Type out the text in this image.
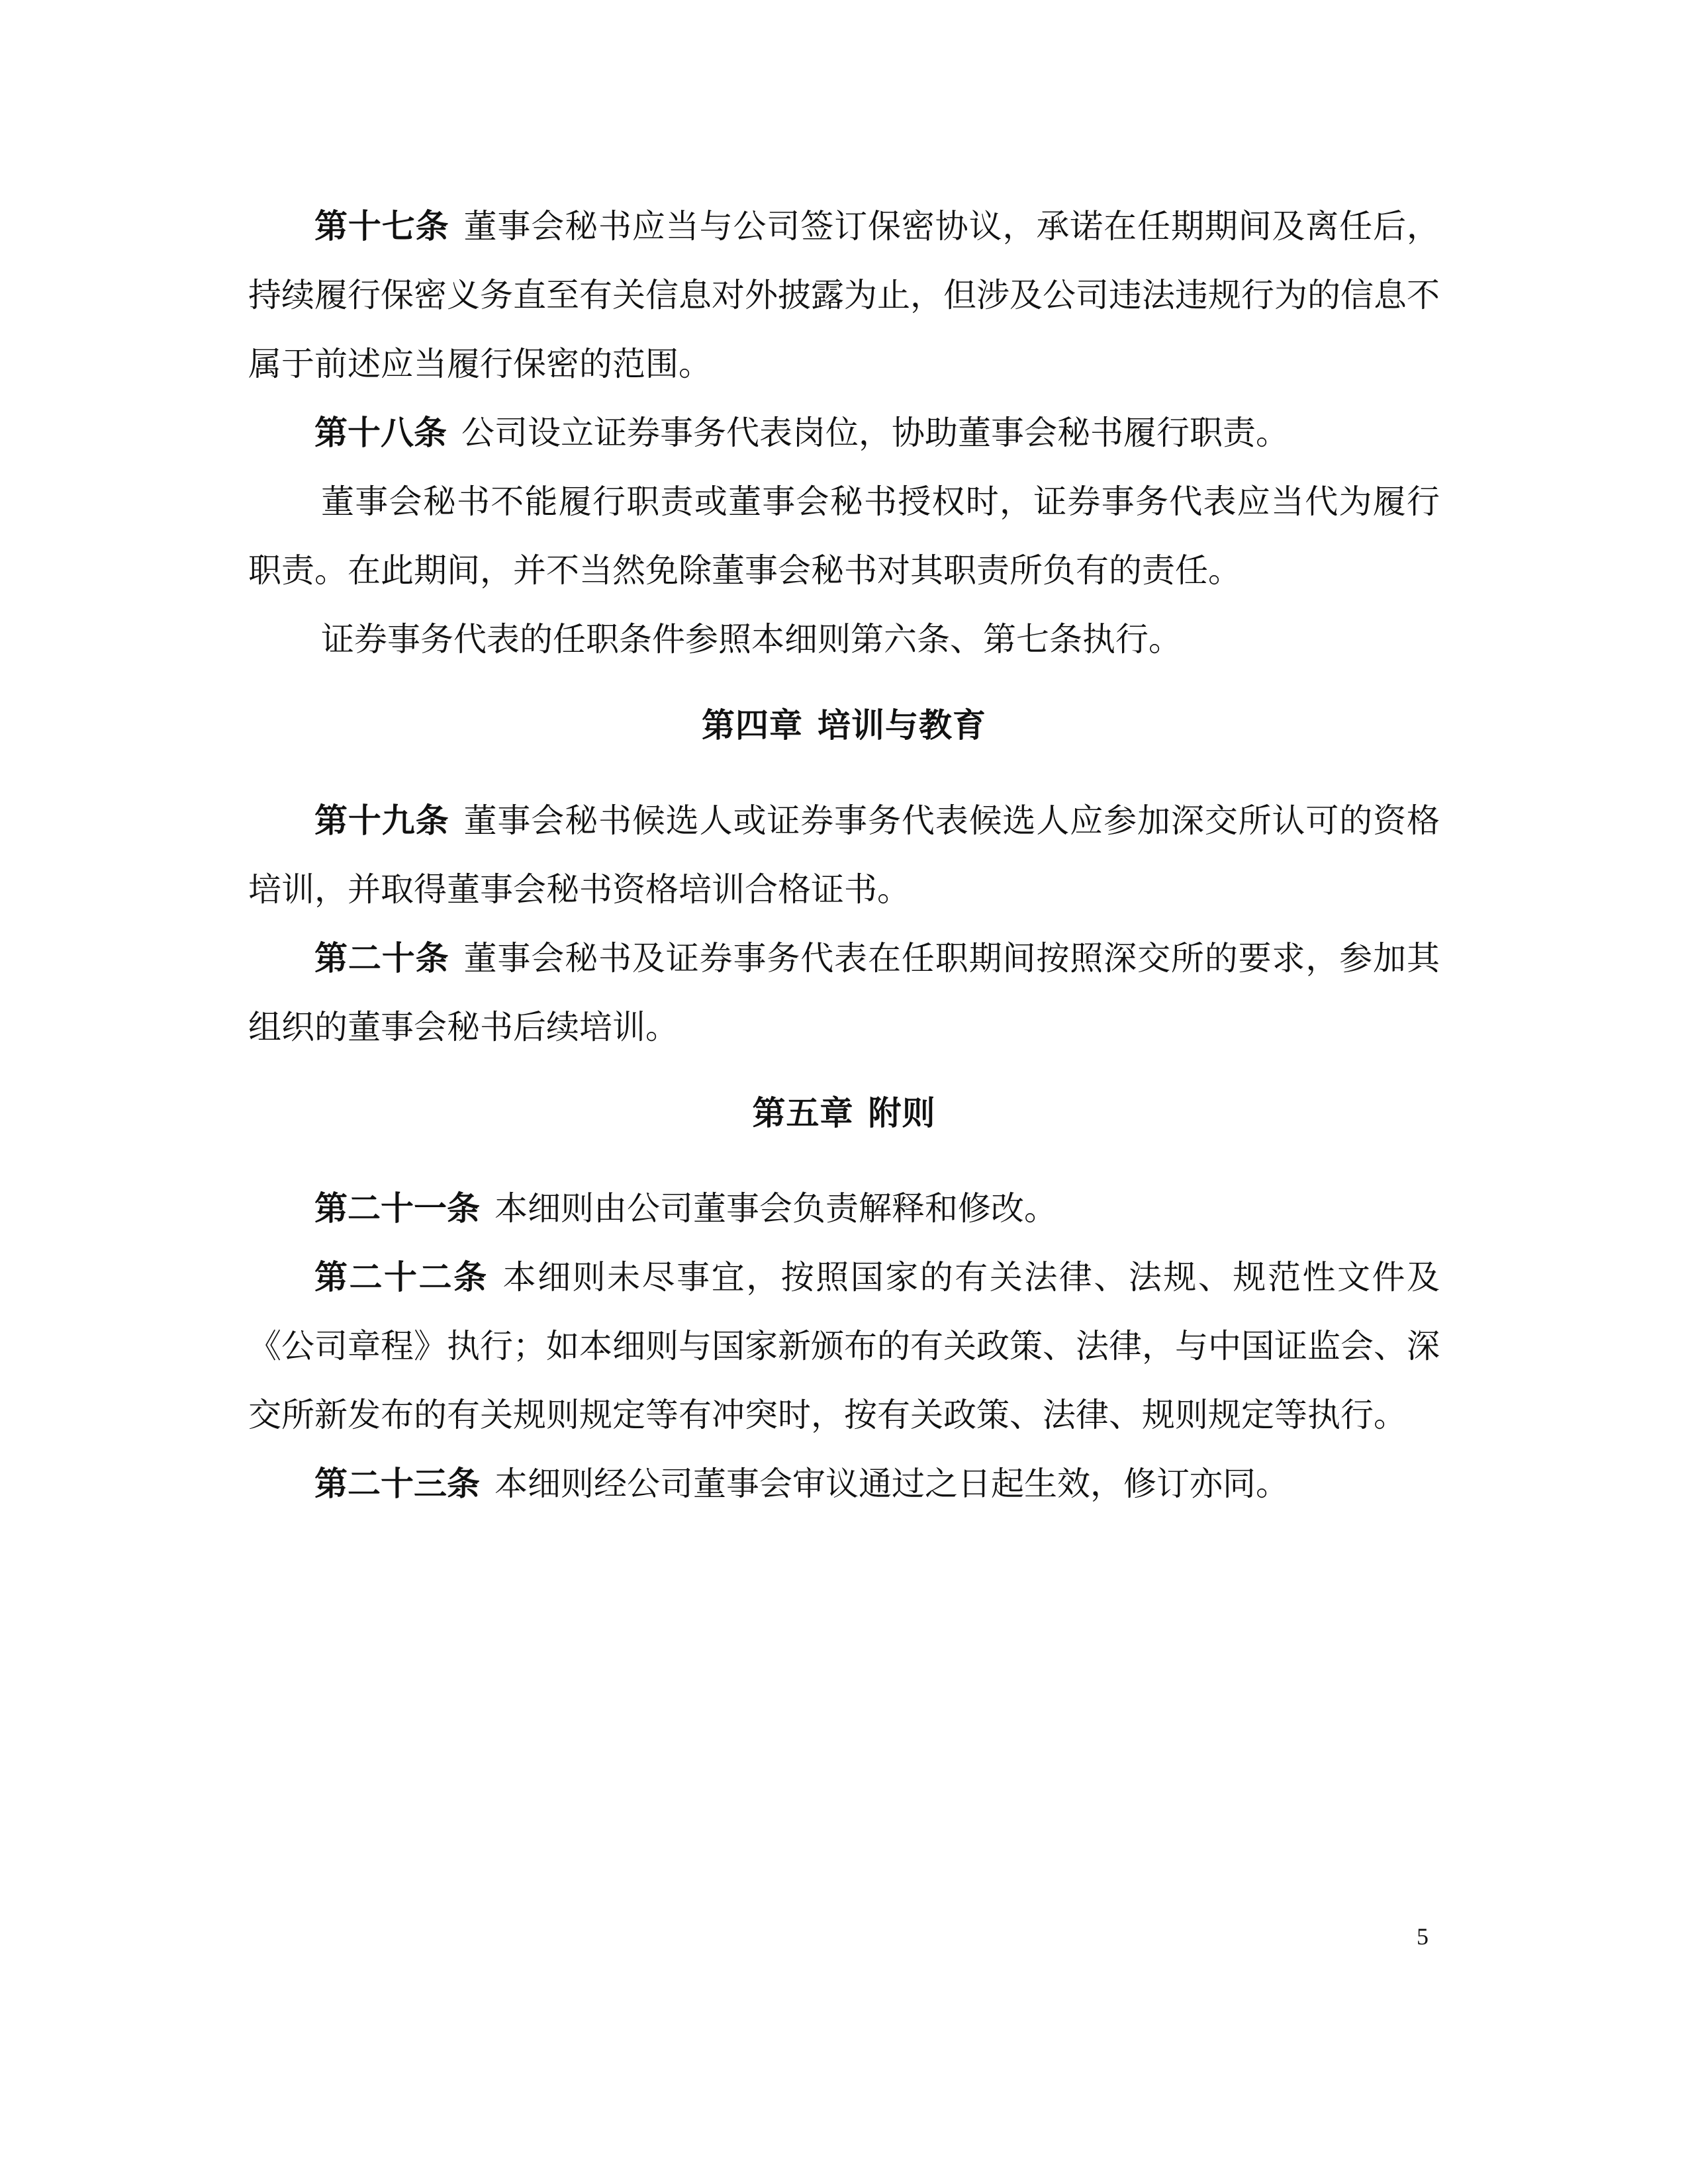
第十七条 董事会秘书应当与公司签订保密协议，承诺在任期期间及离任后，持续履行保密义务直至有关信息对外披露为止，但涉及公司违法违规行为的信息不属于前述应当履行保密的范围。

第十八条 公司设立证券事务代表岗位，协助董事会秘书履行职责。

董事会秘书不能履行职责或董事会秘书授权时，证券事务代表应当代为履行职责。在此期间，并不当然免除董事会秘书对其职责所负有的责任。

证券事务代表的任职条件参照本细则第六条、第七条执行。

第四章 培训与教育

第十九条 董事会秘书候选人或证券事务代表候选人应参加深交所认可的资格培训，并取得董事会秘书资格培训合格证书。

第二十条 董事会秘书及证券事务代表在任职期间按照深交所的要求，参加其组织的董事会秘书后续培训。

第五章 附则

第二十一条 本细则由公司董事会负责解释和修改。

第二十二条 本细则未尽事宜，按照国家的有关法律、法规、规范性文件及《公司章程》执行；如本细则与国家新颁布的有关政策、法律，与中国证监会、深交所新发布的有关规则规定等有冲突时，按有关政策、法律、规则规定等执行。

第二十三条 本细则经公司董事会审议通过之日起生效，修订亦同。

5
